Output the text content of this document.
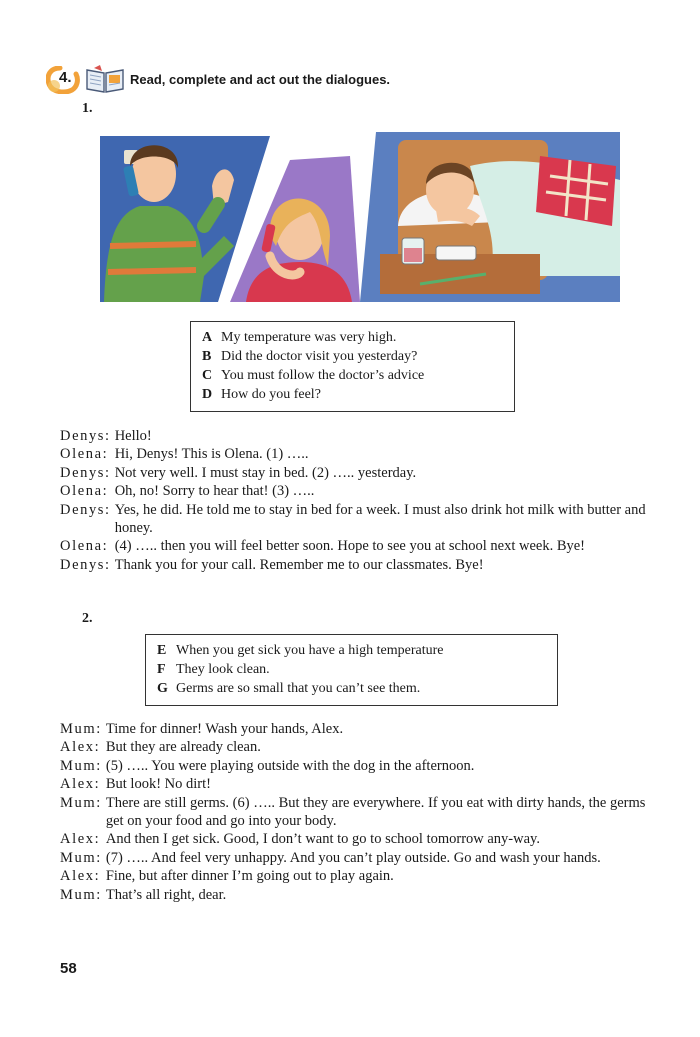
4.	Read, complete and act out the dialogues.
1.
A My temperature was very high.
B Did the doctor visit you yesterday?
C You must follow the doctor’s advice
D How do you feel?
Denys: Hello!
Olena: Hi, Denys! This is Olena. (1) …..
Denys: Not very well. I must stay in bed. (2) ….. yesterday.
Olena: Oh, no! Sorry to hear that! (3) …..
Denys: Yes, he did. He told me to stay in bed for a week. I must also drink hot milk with butter and honey.
Olena: (4) ….. then you will feel better soon. Hope to see you at school next week. Bye!
Denys: Thank you for your call. Remember me to our classmates. Bye!
2.
E When you get sick you have a high temperature
F They look clean.
G Germs are so small that you can’t see them.
Mum: Time for dinner! Wash your hands, Alex.
Alex: But they are already clean.
Mum: (5) ….. You were playing outside with the dog in the afternoon.
Alex: But look! No dirt!
Mum: There are still germs. (6) ….. But they are everywhere. If you eat with dirty hands, the germs get on your food and go into your body.
Alex: And then I get sick. Good, I don’t want to go to school tomorrow any-way.
Mum: (7) ….. And feel very unhappy. And you can’t play outside. Go and wash your hands.
Alex: Fine, but after dinner I’m going out to play again.
Mum: That’s all right, dear.
58
